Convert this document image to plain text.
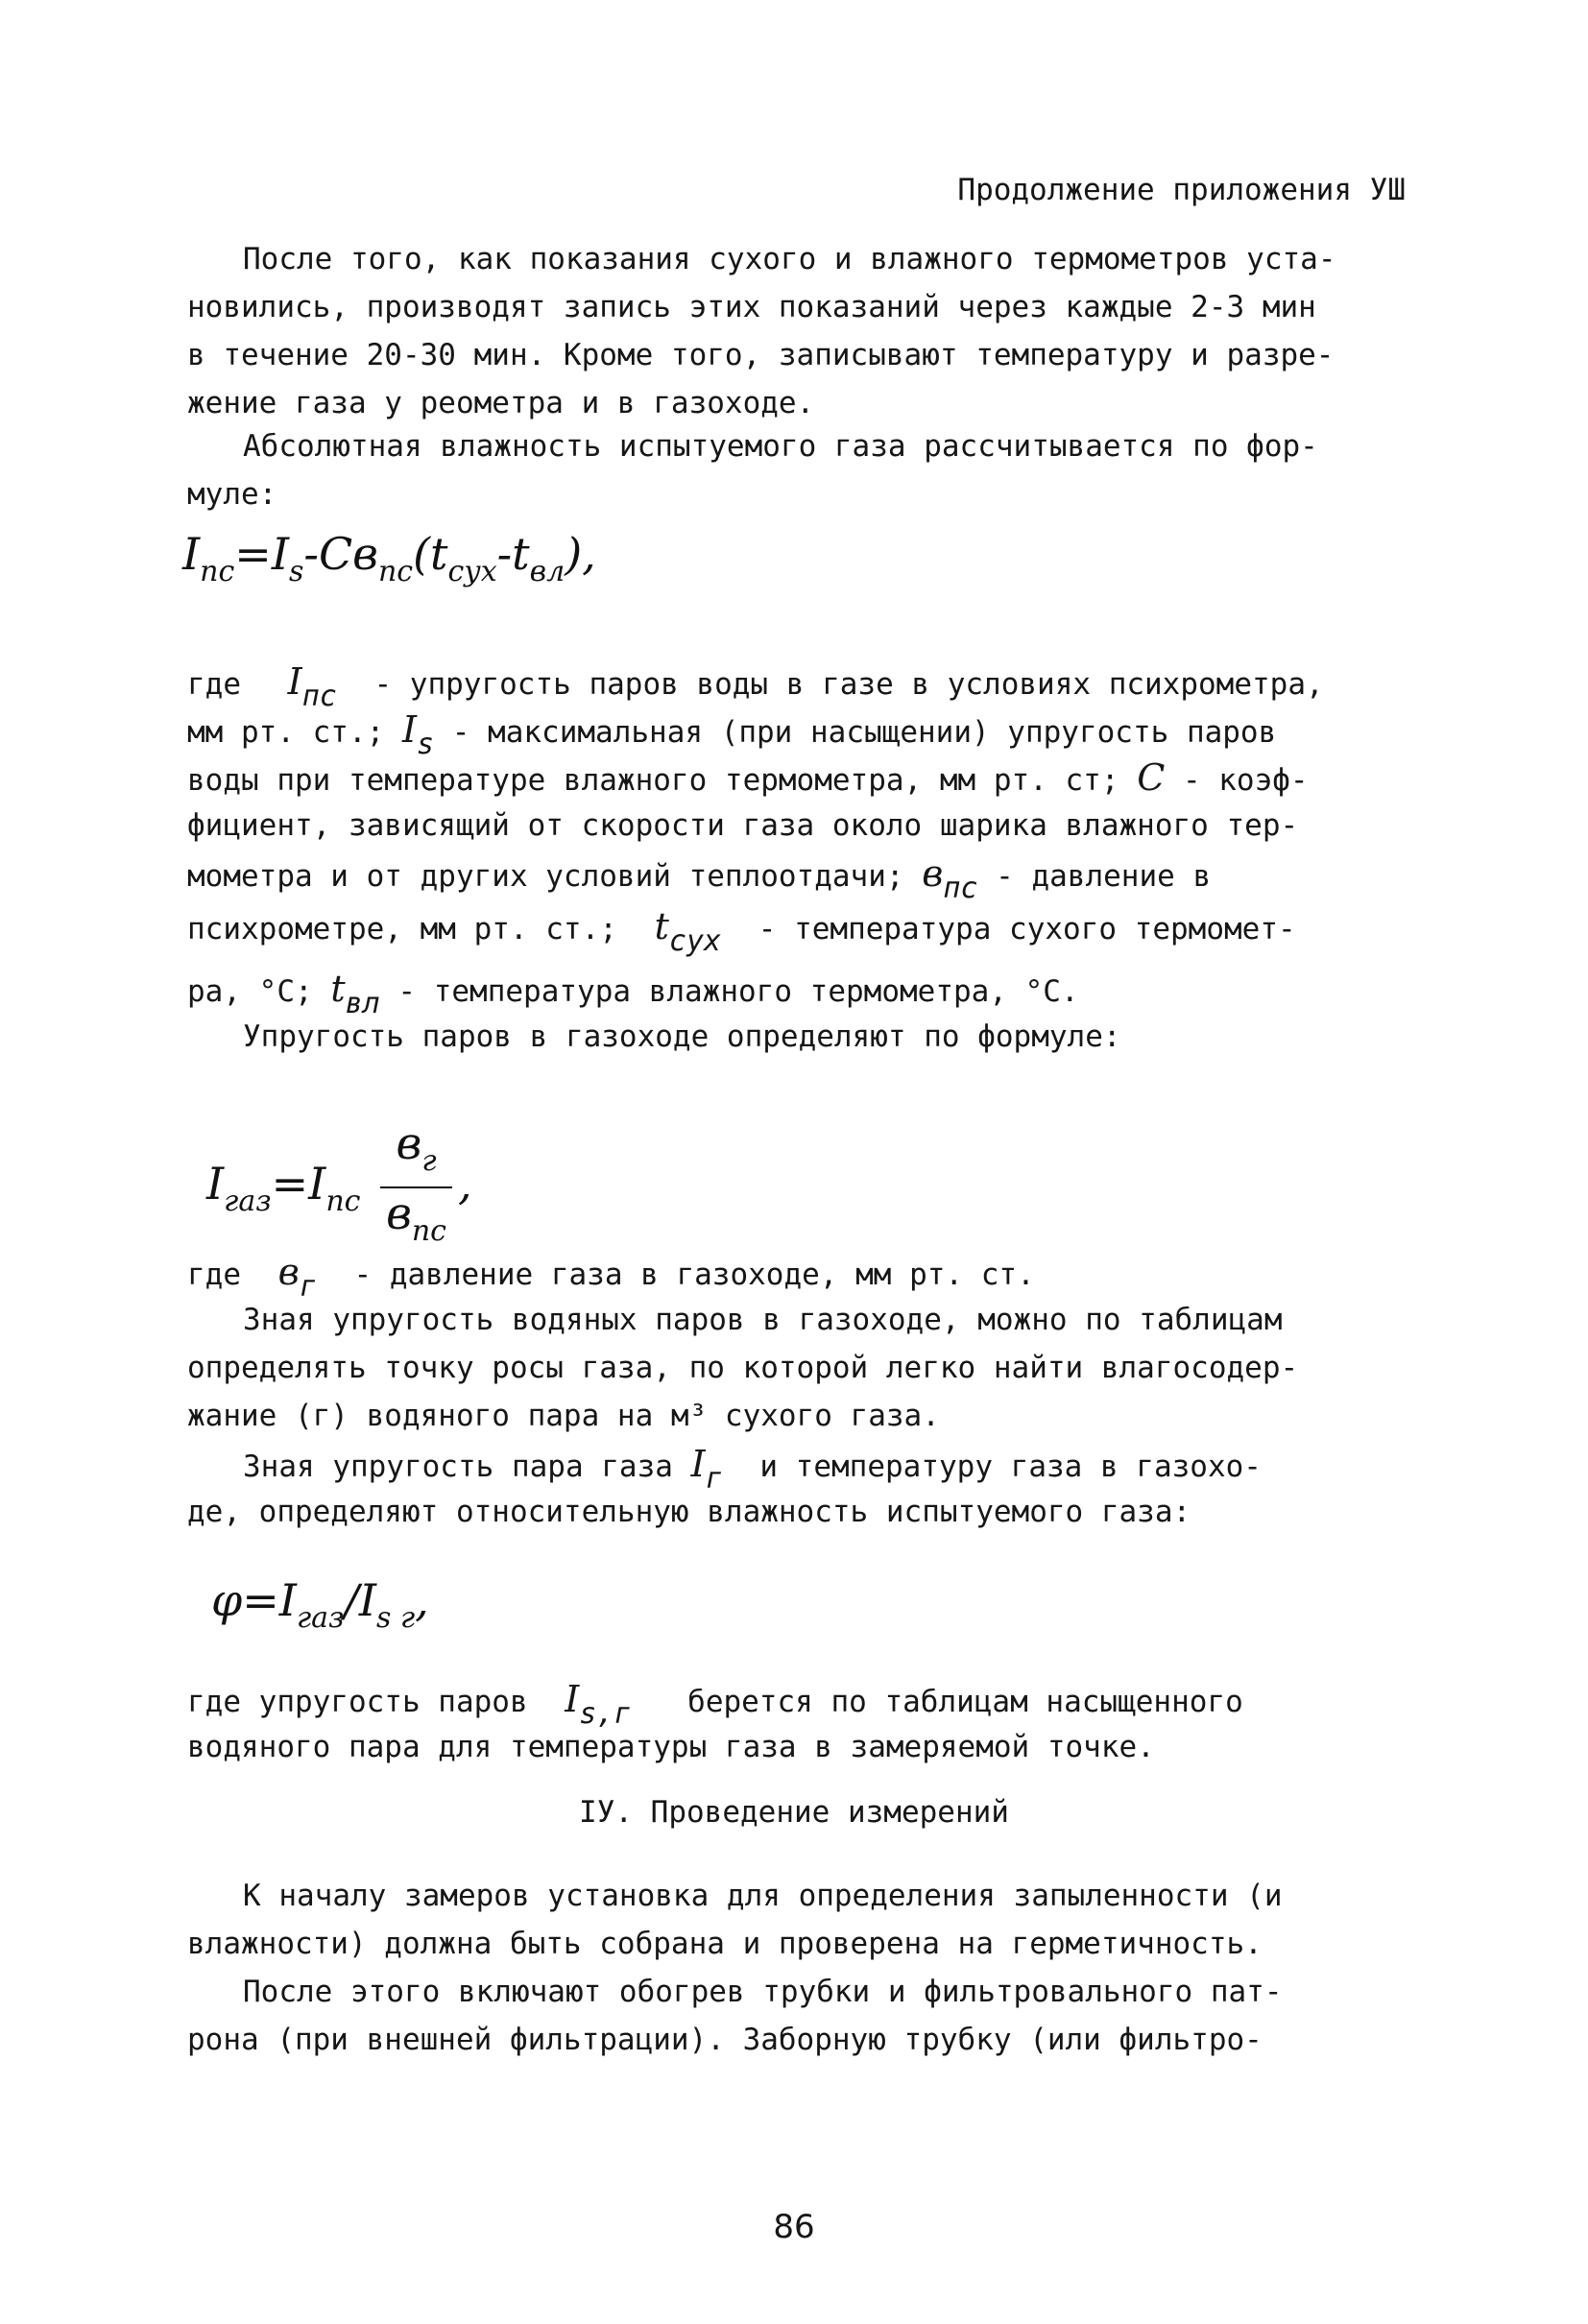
Продолжение приложения УШ
После того, как показания сухого и влажного термометров уста-
новились, производят запись этих показаний через каждые 2-3 мин
в течение 20-30 мин. Кроме того, записывают температуру и разре-
жение газа у реометра и в газоходе.
Абсолютная влажность испытуемого газа рассчитывается по фор-
муле:
$I_{пс}=I_s-Cв_{пс}(t_{сух}-t_{вл})$,
где Iпс - упругость паров воды в газе в условиях психрометра,
мм рт. ст.; Is - максимальная (при насыщении) упругость паров
воды при температуре влажного термометра, мм рт. ст; C - коэф-
фициент, зависящий от скорости газа около шарика влажного тер-
мометра и от других условий теплоотдачи; впс - давление в
психрометре, мм рт. ст.; tсух - температура сухого термомет-
ра, °С; tвл - температура влажного термометра, °С.
Упругость паров в газоходе определяют по формуле:
$I_{газ}=I_{пс} \frac{в_г}{в_{пс}}$ ,
где вг - давление газа в газоходе, мм рт. ст.
Зная упругость водяных паров в газоходе, можно по таблицам
определять точку росы газа, по которой легко найти влагосодер-
жание (г) водяного пара на м³ сухого газа.
Зная упругость пара газа Iг и температуру газа в газохо-
де, определяют относительную влажность испытуемого газа:
$\varphi=I_{газ}/I_{s г}$,
где упругость паров Is,г берется по таблицам насыщенного
водяного пара для температуры газа в замеряемой точке.
IУ. Проведение измерений
К началу замеров установка для определения запыленности (и
влажности) должна быть собрана и проверена на герметичность.
После этого включают обогрев трубки и фильтровального пат-
рона (при внешней фильтрации). Заборную трубку (или фильтро-
86
